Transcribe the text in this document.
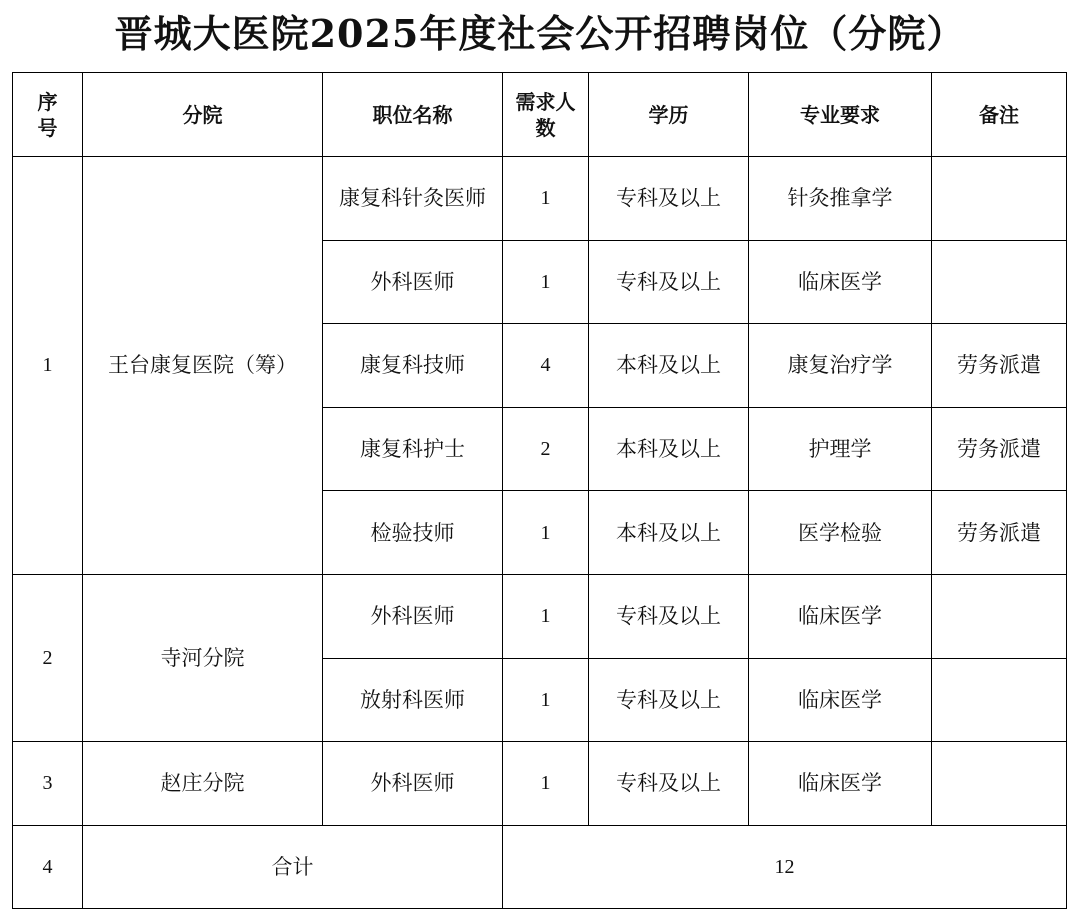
晋城大医院2025年度社会公开招聘岗位（分院）
序号	分院	职位名称	需求人数	学历	专业要求	备注
1	王台康复医院（筹）	康复科针灸医师	1	专科及以上	针灸推拿学	
		外科医师	1	专科及以上	临床医学	
		康复科技师	4	本科及以上	康复治疗学	劳务派遣
		康复科护士	2	本科及以上	护理学	劳务派遣
		检验技师	1	本科及以上	医学检验	劳务派遣
2	寺河分院	外科医师	1	专科及以上	临床医学	
		放射科医师	1	专科及以上	临床医学	
3	赵庄分院	外科医师	1	专科及以上	临床医学	
4	合计		12			
